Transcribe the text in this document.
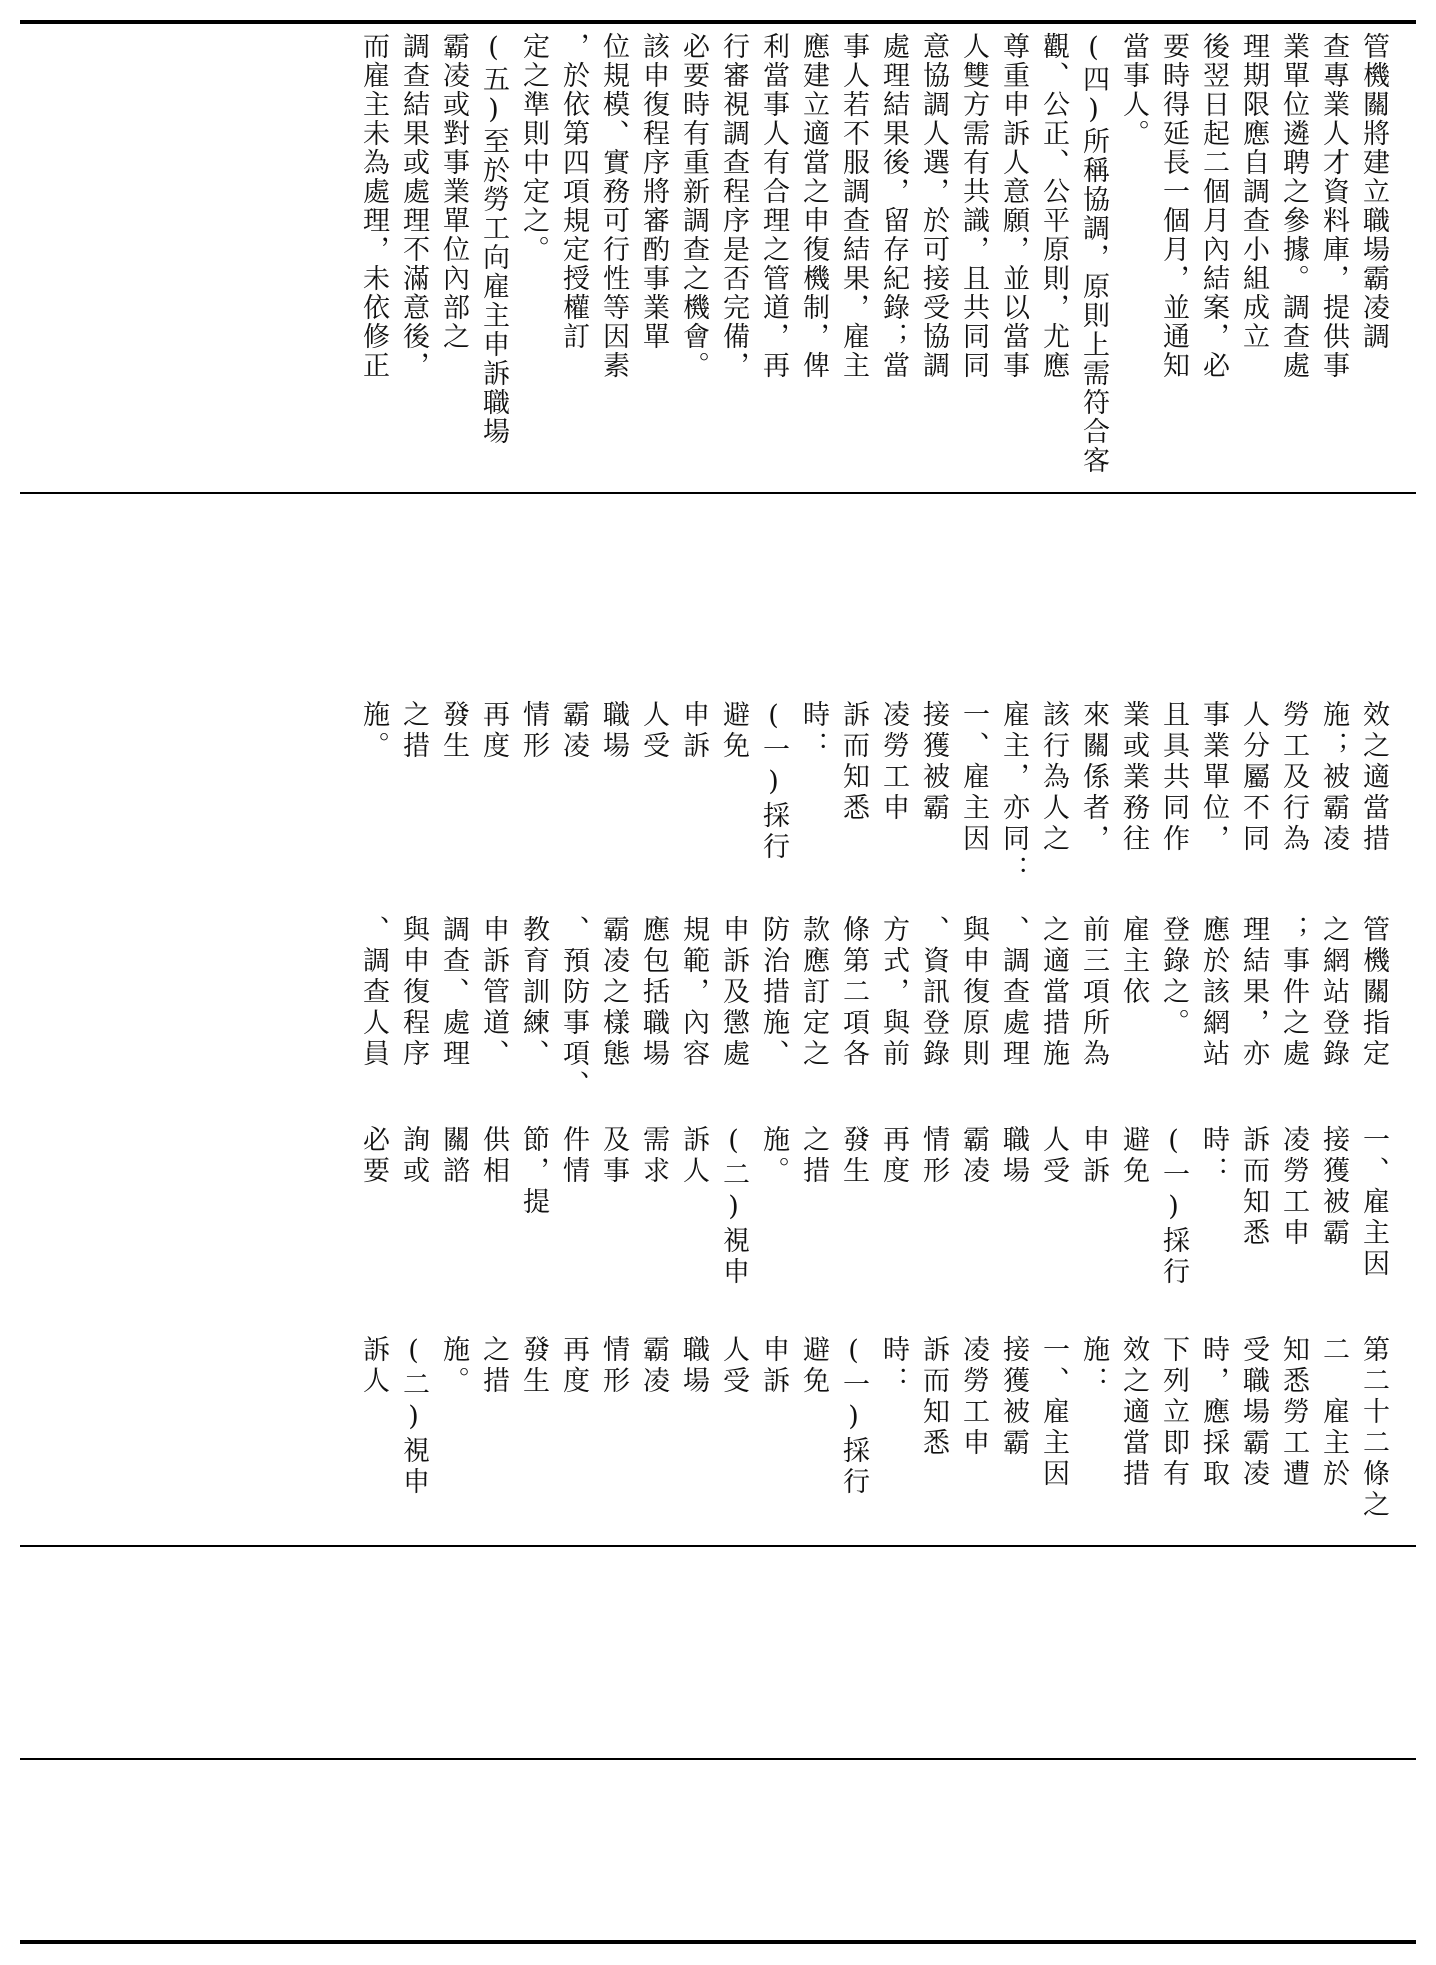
管機關將建立職場霸凌調
查專業人才資料庫，提供事
業單位遴聘之參據。調查處
理期限應自調查小組成立
後翌日起二個月內結案，必
要時得延長一個月，並通知
當事人。
(四)所稱協調，原則上需符合客
觀、公正、公平原則，尤應
尊重申訴人意願，並以當事
人雙方需有共識，且共同同
意協調人選，於可接受協調
處理結果後，留存紀錄；當
事人若不服調查結果，雇主
應建立適當之申復機制，俾
利當事人有合理之管道，再
行審視調查程序是否完備，
必要時有重新調查之機會。
該申復程序將審酌事業單
位規模、實務可行性等因素
，於依第四項規定授權訂
定之準則中定之。
(五)至於勞工向雇主申訴職場
霸凌或對事業單位內部之
調查結果或處理不滿意後，
而雇主未為處理，未依修正
效之適當措
施；被霸凌
勞工及行為
人分屬不同
事業單位，
且具共同作
業或業務往
來關係者，
該行為人之
雇主，亦同：
一、雇主因
接獲被霸
凌勞工申
訴而知悉
時：
(一)採行
避免
申訴
人受
職場
霸凌
情形
再度
發生
之措
施。
一、雇主因
接獲被霸
凌勞工申
訴而知悉
時：
(一)採行
避免
申訴
人受
職場
霸凌
情形
再度
發生
之措
施。
(二)視申
訴人
需求
及事
件情
節，提
供相
關諮
詢或
必要
管機關指定
之網站登錄
；事件之處
理結果，亦
應於該網站
登錄之。
雇主依
前三項所為
之適當措施
、調查處理
與申復原則
、資訊登錄
方式，與前
條第二項各
款應訂定之
防治措施、
申訴及懲處
規範，內容
應包括職場
霸凌之樣態
、預防事項、
教育訓練、
申訴管道、
調查、處理
與申復程序
、調查人員
第二十二條之
二　雇主於
知悉勞工遭
受職場霸凌
時，應採取
下列立即有
效之適當措
施：
一、雇主因
接獲被霸
凌勞工申
訴而知悉
時：
(一)採行
避免
申訴
人受
職場
霸凌
情形
再度
發生
之措
施。
(二)視申
訴人
